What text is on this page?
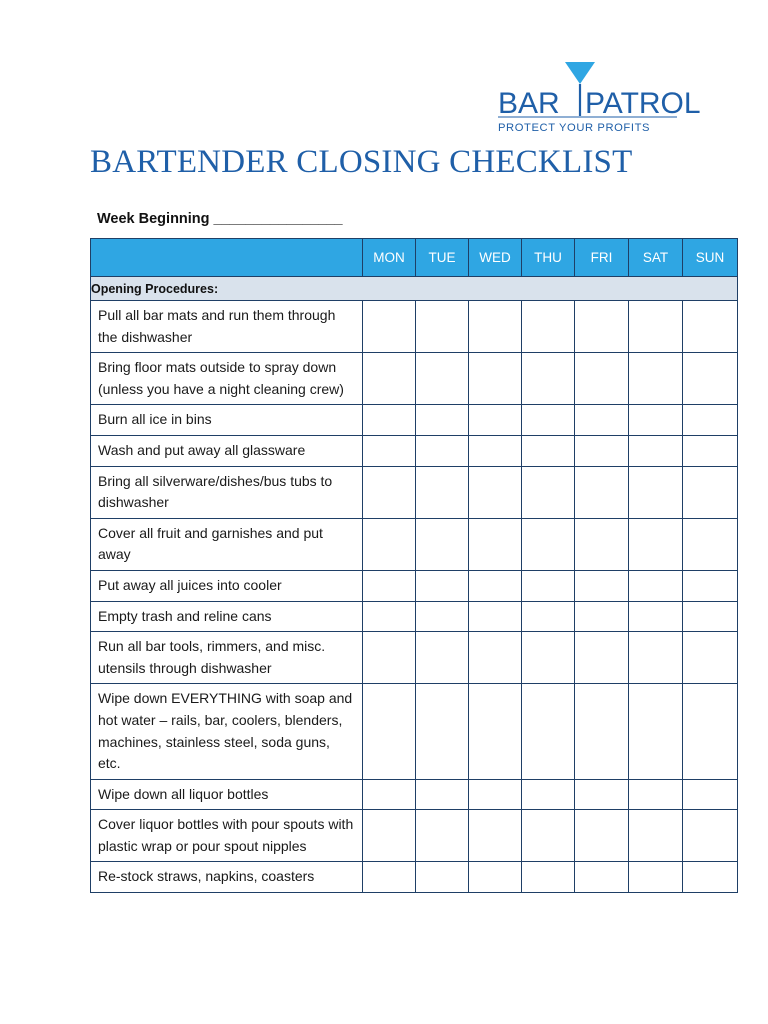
BAR PATROL
PROTECT YOUR PROFITS
BARTENDER CLOSING CHECKLIST
Week Beginning ________________
	MON	TUE	WED	THU	FRI	SAT	SUN
Opening Procedures:							
Pull all bar mats and run them through the dishwasher							
Bring floor mats outside to spray down (unless you have a night cleaning crew)							
Burn all ice in bins							
Wash and put away all glassware							
Bring all silverware/dishes/bus tubs to dishwasher							
Cover all fruit and garnishes and put away							
Put away all juices into cooler							
Empty trash and reline cans							
Run all bar tools, rimmers, and misc. utensils through dishwasher							
Wipe down EVERYTHING with soap and hot water – rails, bar, coolers, blenders, machines, stainless steel, soda guns, etc.							
Wipe down all liquor bottles							
Cover liquor bottles with pour spouts with plastic wrap or pour spout nipples							
Re-stock straws, napkins, coasters							
